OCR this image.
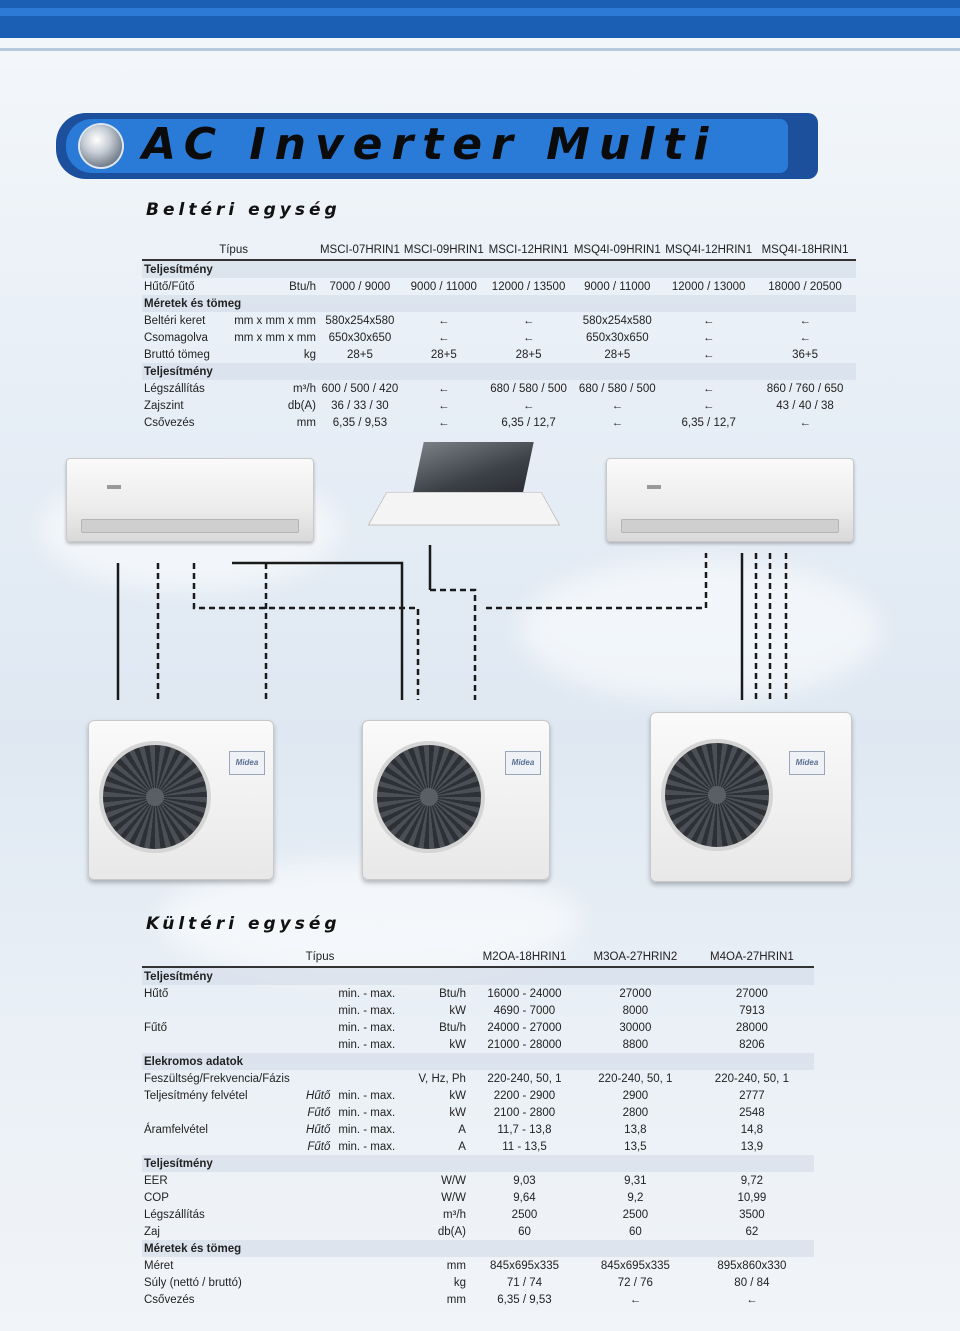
AC Inverter Multi
Beltéri egység
Típus		MSCI-07HRIN1	MSCI-09HRIN1	MSCI-12HRIN1	MSQ4I-09HRIN1	MSQ4I-12HRIN1	MSQ4I-18HRIN1
Teljesítmény							
Hűtő/Fűtő	Btu/h	7000 / 9000	9000 / 11000	12000 / 13500	9000 / 11000	12000 / 13000	18000 / 20500
Méretek és tömeg							
Beltéri keret	mm x mm x mm	580x254x580	←	←	580x254x580	←	←
Csomagolva	mm x mm x mm	650x30x650	←	←	650x30x650	←	←
Bruttó tömeg	kg	28+5	28+5	28+5	28+5	←	36+5
Teljesítmény							
Légszállítás	m³/h	600 / 500 / 420	←	680 / 580 / 500	680 / 580 / 500	←	860 / 760 / 650
Zajszint	db(A)	36 / 33 / 30	←	←	←	←	43 / 40 / 38
Csővezés	mm	6,35 / 9,53	←	6,35 / 12,7	←	6,35 / 12,7	←
Midea	Midea	Midea
Kültéri egység
Típus				M2OA-18HRIN1	M3OA-27HRIN2	M4OA-27HRIN1
Teljesítmény						
Hűtő		min. - max.	Btu/h	16000 - 24000	27000	27000
		min. - max.	kW	4690 - 7000	8000	7913
Fűtő		min. - max.	Btu/h	24000 - 27000	30000	28000
		min. - max.	kW	21000 - 28000	8800	8206
Elekromos adatok						
Feszültség/Frekvencia/Fázis			V, Hz, Ph	220-240, 50, 1	220-240, 50, 1	220-240, 50, 1
Teljesítmény felvétel	Hűtő	min. - max.	kW	2200 - 2900	2900	2777
	Fűtő	min. - max.	kW	2100 - 2800	2800	2548
Áramfelvétel	Hűtő	min. - max.	A	11,7 - 13,8	13,8	14,8
	Fűtő	min. - max.	A	11 - 13,5	13,5	13,9
Teljesítmény						
EER			W/W	9,03	9,31	9,72
COP			W/W	9,64	9,2	10,99
Légszállítás			m³/h	2500	2500	3500
Zaj			db(A)	60	60	62
Méretek és tömeg						
Méret			mm	845x695x335	845x695x335	895x860x330
Súly (nettó / bruttó)			kg	71 / 74	72 / 76	80 / 84
Csővezés			mm	6,35 / 9,53	←	←
